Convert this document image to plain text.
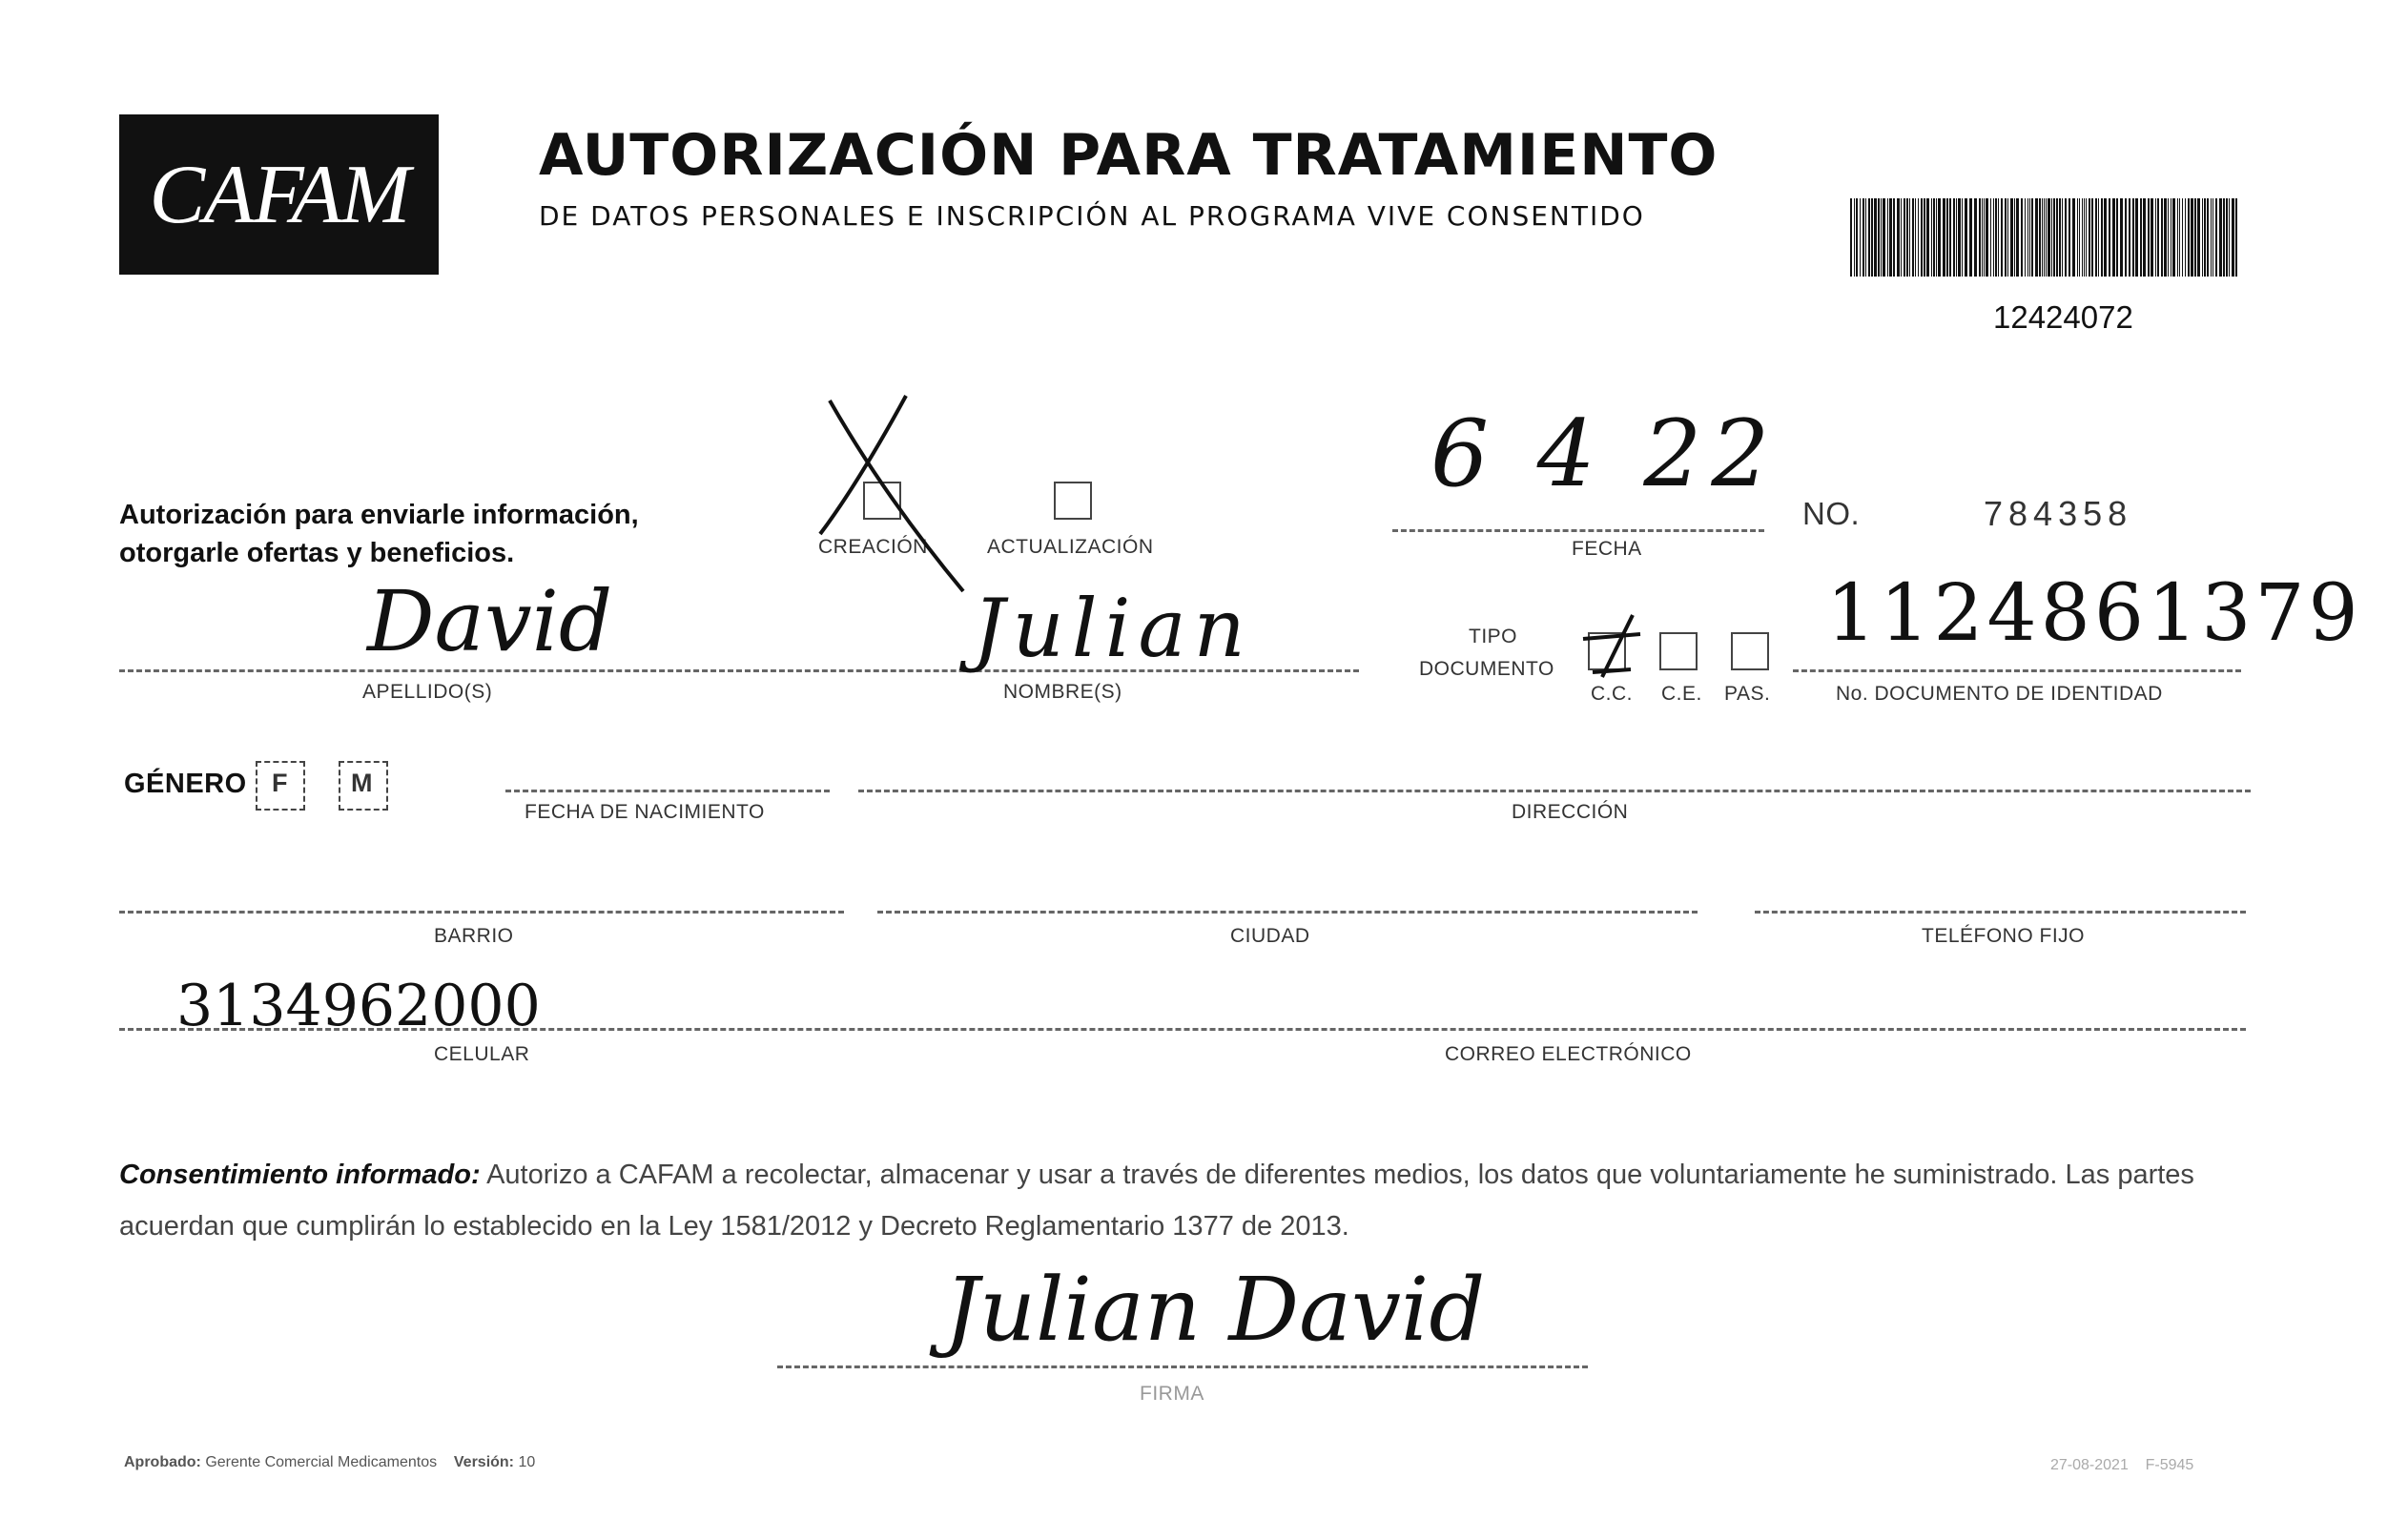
CAFAM AUTORIZACIÓN PARA TRATAMIENTO
DE DATOS PERSONALES E INSCRIPCIÓN AL PROGRAMA VIVE CONSENTIDO
12424072
Autorización para enviarle información,
otorgarle ofertas y beneficios.	CREACIÓN	ACTUALIZACIÓN
6 4 22
FECHA
NO.	784358
David
APELLIDO(S)
Julian
NOMBRE(S)
TIPO
DOCUMENTO
C.C. C.E. PAS.
1124861379
No. DOCUMENTO DE IDENTIDAD
GÉNERO F M
FECHA DE NACIMIENTO	DIRECCIÓN
BARRIO	CIUDAD	TELÉFONO FIJO
3134962000
CELULAR	CORREO ELECTRÓNICO
Consentimiento informado: Autorizo a CAFAM a recolectar, almacenar y usar a través de diferentes medios, los datos que voluntariamente he suministrado. Las partes acuerdan que cumplirán lo establecido en la Ley 1581/2012 y Decreto Reglamentario 1377 de 2013.
Julian David
FIRMA
Aprobado: Gerente Comercial Medicamentos Versión: 10	27-08-2021 F-5945
